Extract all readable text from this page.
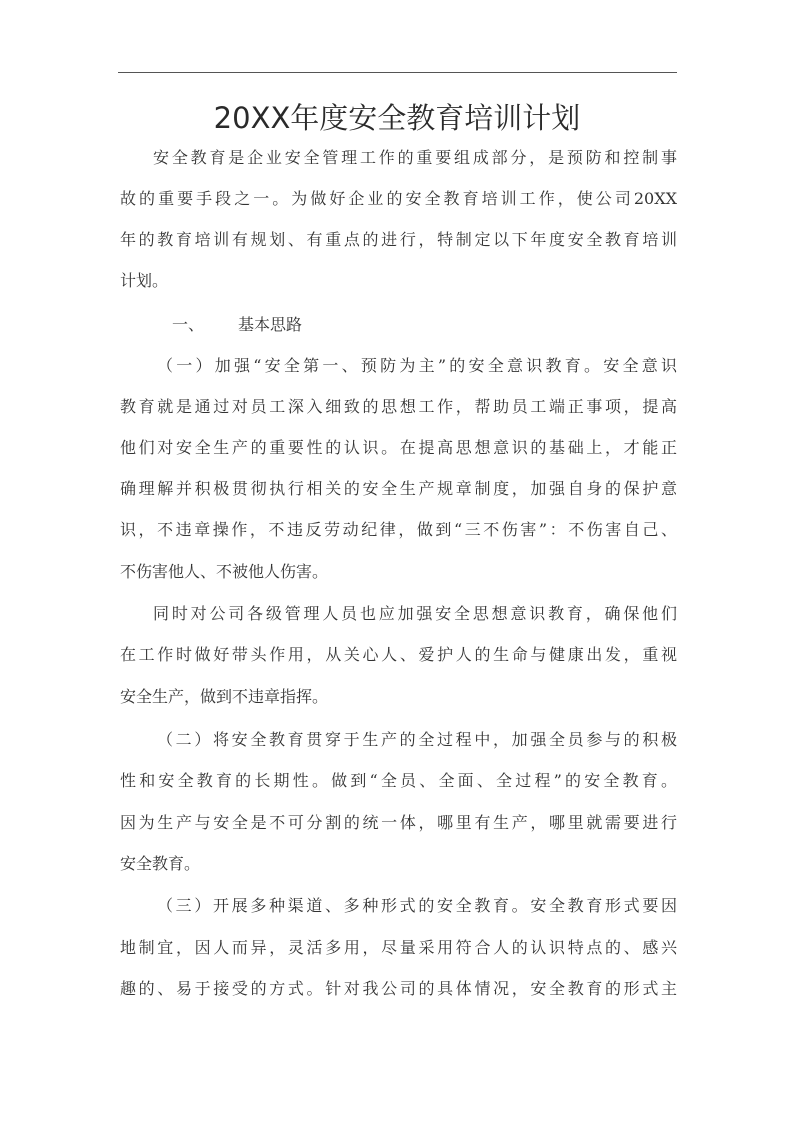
20XX年度安全教育培训计划
安全教育是企业安全管理工作的重要组成部分，是预防和控制事
故的重要手段之一。为做好企业的安全教育培训工作，使公司20XX
年的教育培训有规划、有重点的进行，特制定以下年度安全教育培训
计划。
一、 基本思路
（一）加强“安全第一、预防为主”的安全意识教育。安全意识
教育就是通过对员工深入细致的思想工作，帮助员工端正事项，提高
他们对安全生产的重要性的认识。在提高思想意识的基础上，才能正
确理解并积极贯彻执行相关的安全生产规章制度，加强自身的保护意
识，不违章操作，不违反劳动纪律，做到“三不伤害”：不伤害自己、
不伤害他人、不被他人伤害。
同时对公司各级管理人员也应加强安全思想意识教育，确保他们
在工作时做好带头作用，从关心人、爱护人的生命与健康出发，重视
安全生产，做到不违章指挥。
（二）将安全教育贯穿于生产的全过程中，加强全员参与的积极
性和安全教育的长期性。做到“全员、全面、全过程”的安全教育。
因为生产与安全是不可分割的统一体，哪里有生产，哪里就需要进行
安全教育。
（三）开展多种渠道、多种形式的安全教育。安全教育形式要因
地制宜，因人而异，灵活多用，尽量采用符合人的认识特点的、感兴
趣的、易于接受的方式。针对我公司的具体情况，安全教育的形式主
